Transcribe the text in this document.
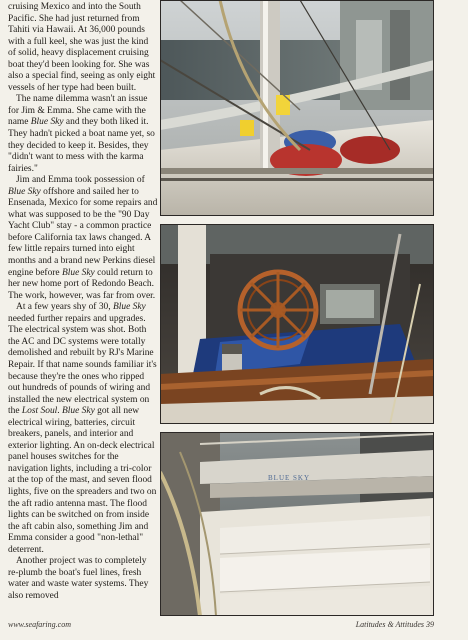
cruising Mexico and into the South Pacific. She had just returned from Tahiti via Hawaii. At 36,000 pounds with a full keel, she was just the kind of solid, heavy displacement cruising boat they'd been looking for. She was also a special find, seeing as only eight vessels of her type had been built.

The name dilemma wasn't an issue for Jim & Emma. She came with the name Blue Sky and they both liked it. They hadn't picked a boat name yet, so they decided to keep it. Besides, they "didn't want to mess with the karma fairies."

Jim and Emma took possession of Blue Sky offshore and sailed her to Ensenada, Mexico for some repairs and what was supposed to be the "90 Day Yacht Club" stay - a common practice before California tax laws changed. A few little repairs turned into eight months and a brand new Perkins diesel engine before Blue Sky could return to her new home port of Redondo Beach. The work, however, was far from over.

At a few years shy of 30, Blue Sky needed further repairs and upgrades. The electrical system was shot. Both the AC and DC systems were totally demolished and rebuilt by RJ's Marine Repair. If that name sounds familiar it's because they're the ones who ripped out hundreds of pounds of wiring and installed the new electrical system on the Lost Soul. Blue Sky got all new electrical wiring, batteries, circuit breakers, panels, and interior and exterior lighting. An on-deck electrical panel houses switches for the navigation lights, including a tri-color at the top of the mast, and seven flood lights, five on the spreaders and two on the aft radio antenna mast. The flood lights can be switched on from inside the aft cabin also, something Jim and Emma consider a good "non-lethal" deterrent.

Another project was to completely re-plumb the boat's fuel lines, fresh water and waste water systems. They also removed

BLUE SKY
www.seafaring.com	Latitudes & Attitudes 39
